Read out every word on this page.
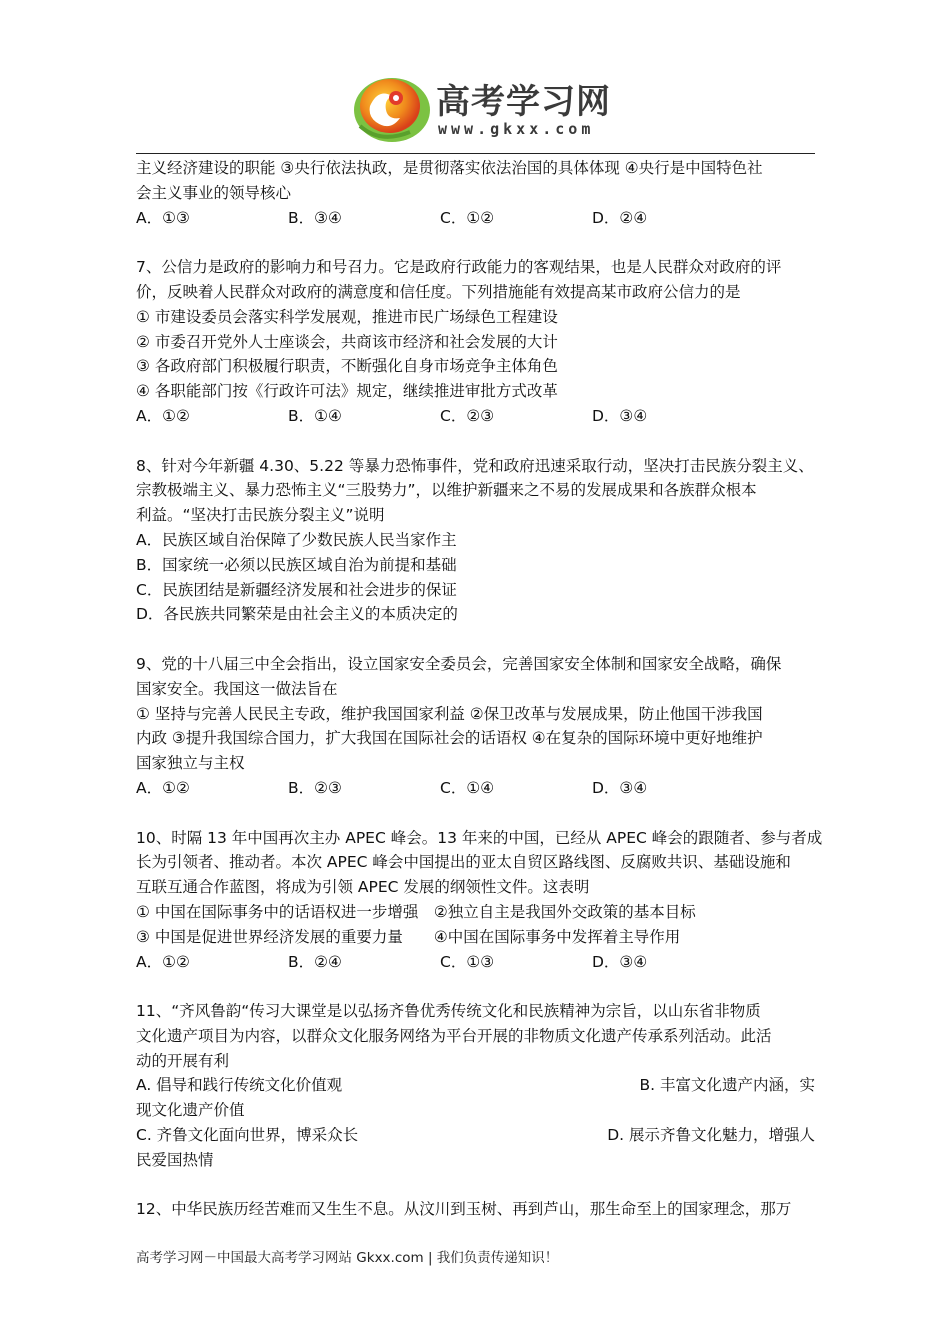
高考学习网
www.gkxx.com
主义经济建设的职能 ③央行依法执政，是贯彻落实依法治国的具体体现 ④央行是中国特色社
会主义事业的领导核心
A．①③	B．③④	C．①②	D．②④
7、公信力是政府的影响力和号召力。它是政府行政能力的客观结果，也是人民群众对政府的评
价，反映着人民群众对政府的满意度和信任度。下列措施能有效提高某市政府公信力的是
① 市建设委员会落实科学发展观，推进市民广场绿色工程建设
② 市委召开党外人士座谈会，共商该市经济和社会发展的大计
③ 各政府部门积极履行职责，不断强化自身市场竞争主体角色
④ 各职能部门按《行政许可法》规定，继续推进审批方式改革
A．①②	B．①④	C．②③	D．③④
8、针对今年新疆 4.30、5.22 等暴力恐怖事件，党和政府迅速采取行动，坚决打击民族分裂主义、
宗教极端主义、暴力恐怖主义“三股势力”，以维护新疆来之不易的发展成果和各族群众根本
利益。“坚决打击民族分裂主义”说明
A．民族区域自治保障了少数民族人民当家作主
B．国家统一必须以民族区域自治为前提和基础
C．民族团结是新疆经济发展和社会进步的保证
D．各民族共同繁荣是由社会主义的本质决定的
9、党的十八届三中全会指出，设立国家安全委员会，完善国家安全体制和国家安全战略，确保
国家安全。我国这一做法旨在
① 坚持与完善人民民主专政，维护我国国家利益 ②保卫改革与发展成果，防止他国干涉我国
内政 ③提升我国综合国力，扩大我国在国际社会的话语权 ④在复杂的国际环境中更好地维护
国家独立与主权
A．①②	B．②③	C．①④	D．③④
10、时隔 13 年中国再次主办 APEC 峰会。13 年来的中国，已经从 APEC 峰会的跟随者、参与者成
长为引领者、推动者。本次 APEC 峰会中国提出的亚太自贸区路线图、反腐败共识、基础设施和
互联互通合作蓝图，将成为引领 APEC 发展的纲领性文件。这表明
① 中国在国际事务中的话语权进一步增强　②独立自主是我国外交政策的基本目标
③ 中国是促进世界经济发展的重要力量　　④中国在国际事务中发挥着主导作用
A．①②	B．②④	C．①③	D．③④
11、“齐风鲁韵“传习大课堂是以弘扬齐鲁优秀传统文化和民族精神为宗旨，以山东省非物质
文化遗产项目为内容，以群众文化服务网络为平台开展的非物质文化遗产传承系列活动。此活
动的开展有利
A. 倡导和践行传统文化价值观	B. 丰富文化遗产内涵，实
现文化遗产价值
C. 齐鲁文化面向世界，博采众长	D. 展示齐鲁文化魅力，增强人
民爱国热情
12、中华民族历经苦难而又生生不息。从汶川到玉树、再到芦山，那生命至上的国家理念，那万
高考学习网－中国最大高考学习网站 Gkxx.com | 我们负责传递知识！
